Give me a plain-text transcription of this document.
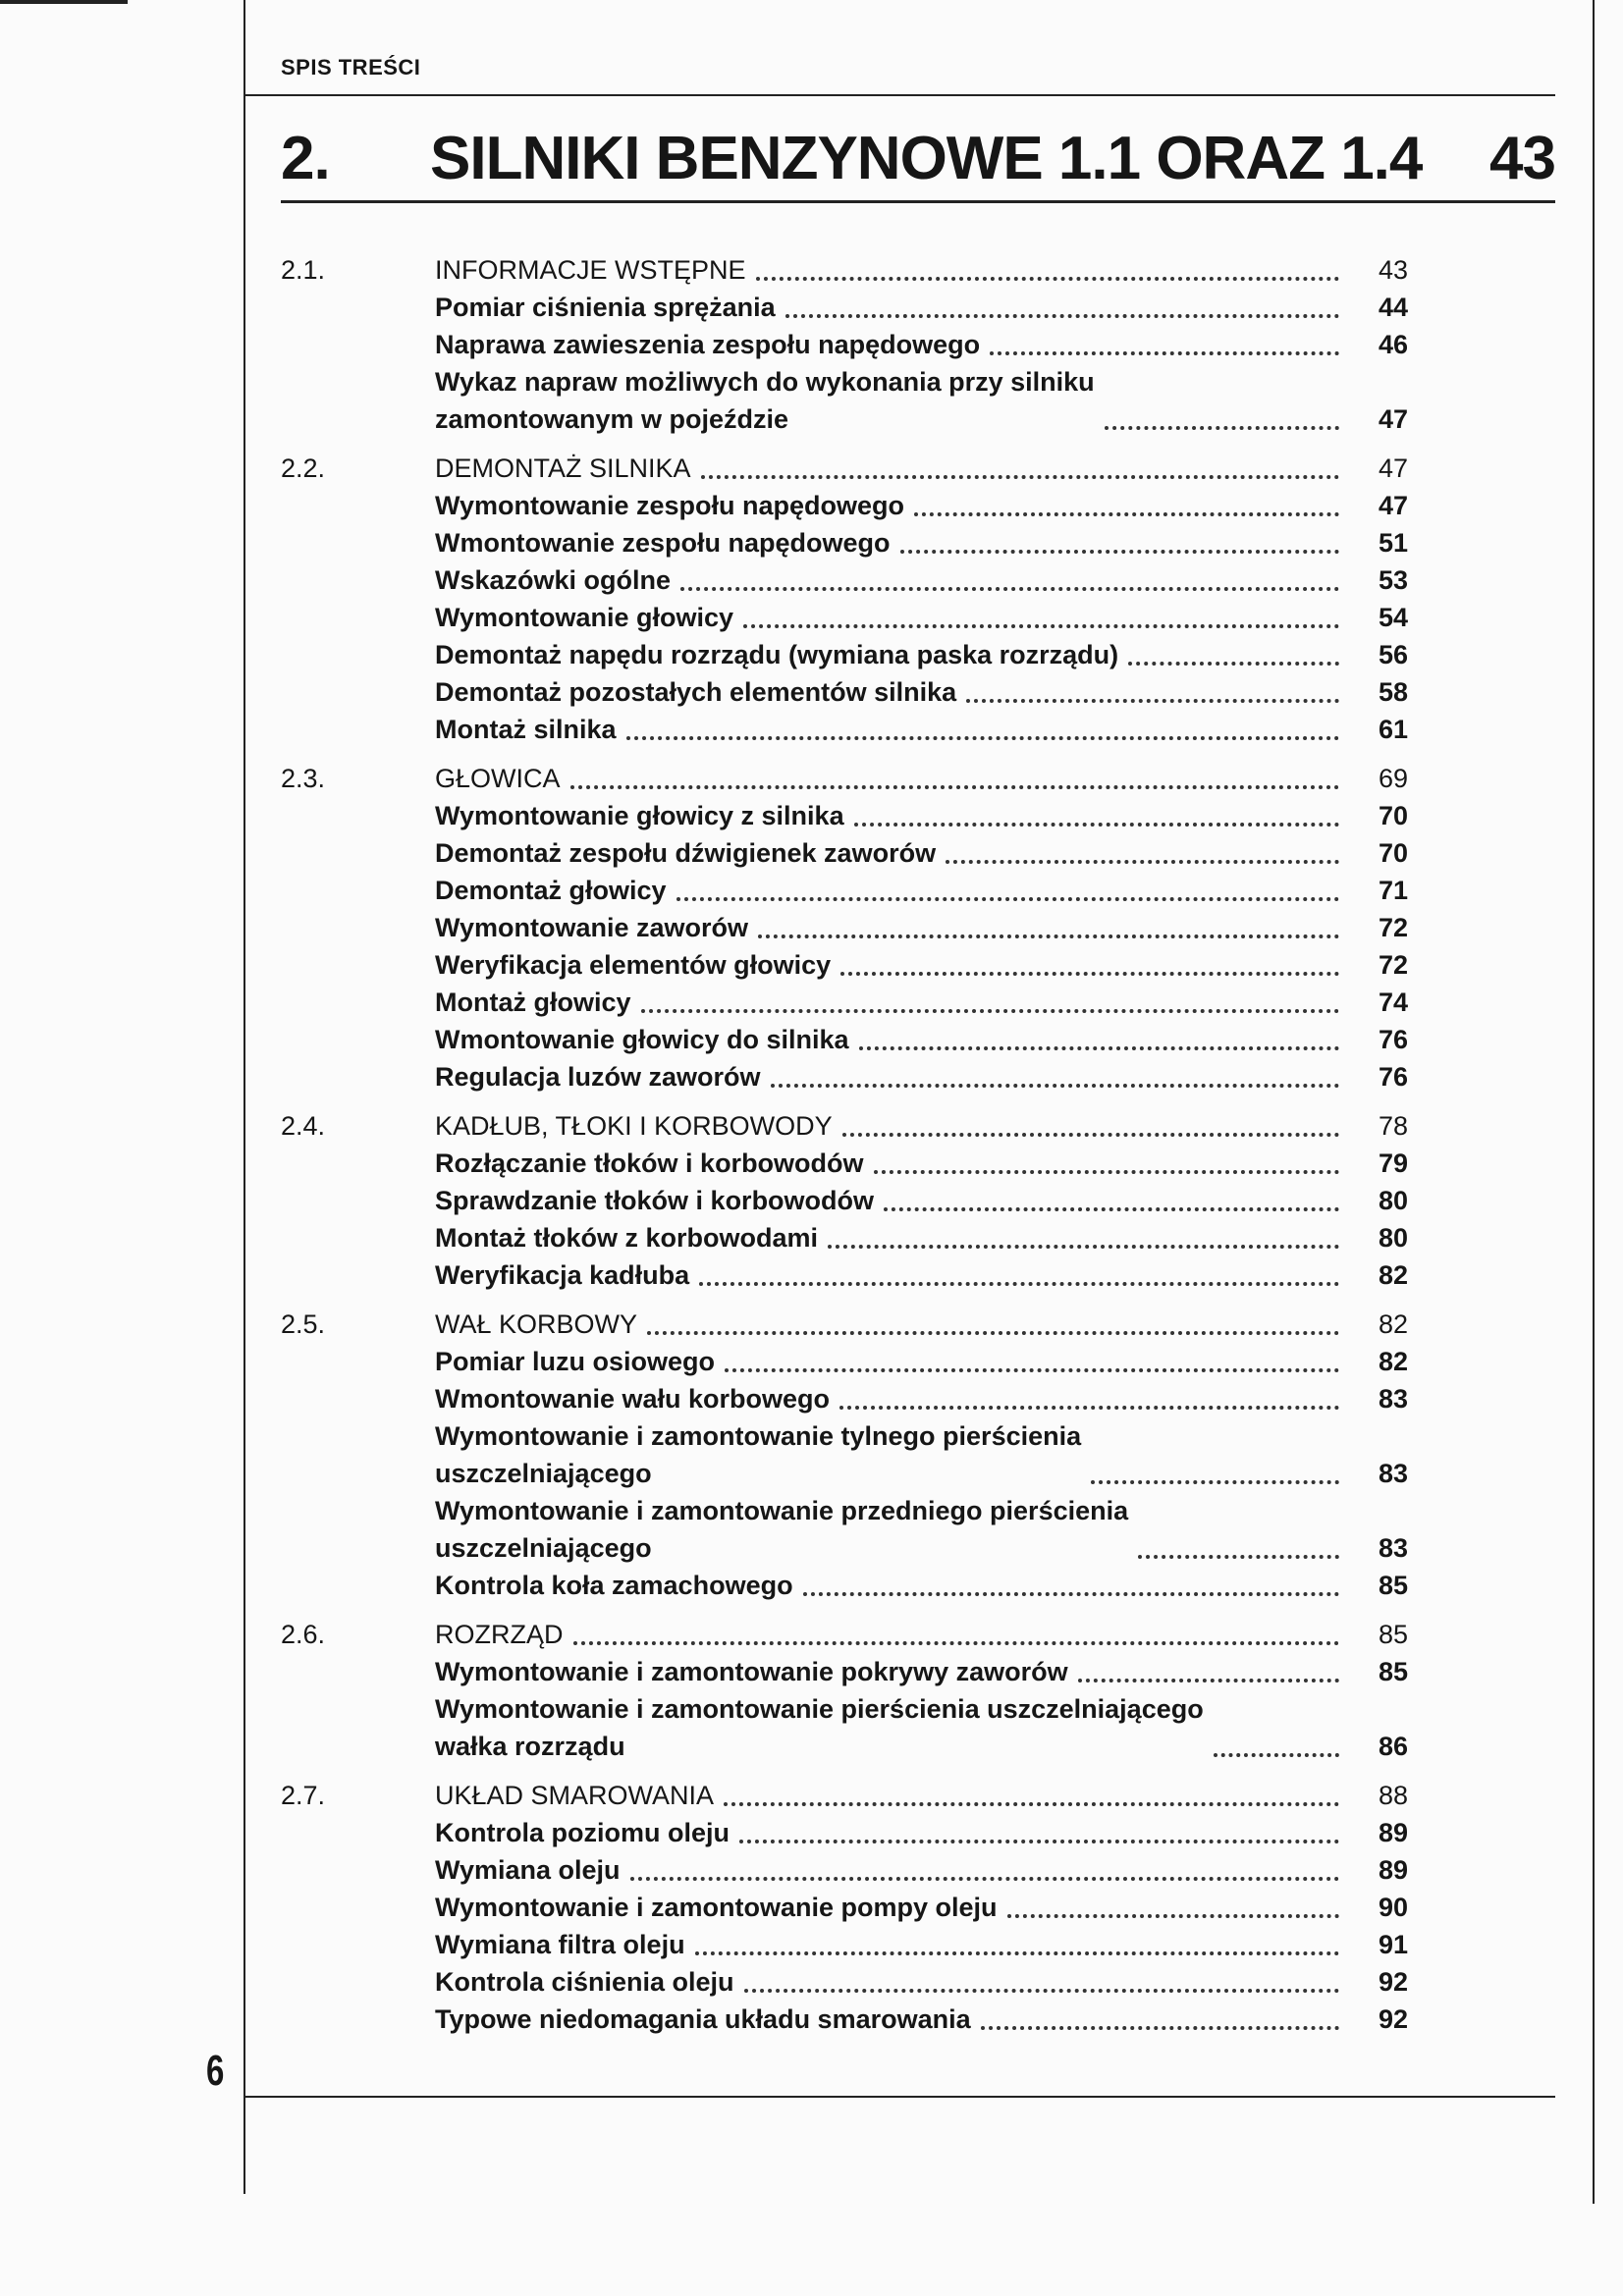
SPIS TREŚCI
2. SILNIKI BENZYNOWE 1.1 ORAZ 1.4 43
2.1.	INFORMACJE WSTĘPNE	43
Pomiar ciśnienia sprężania	44
Naprawa zawieszenia zespołu napędowego	46
Wykaz napraw możliwych do wykonania przy silniku
zamontowanym w pojeździe	47
2.2.	DEMONTAŻ SILNIKA	47
Wymontowanie zespołu napędowego	47
Wmontowanie zespołu napędowego	51
Wskazówki ogólne	53
Wymontowanie głowicy	54
Demontaż napędu rozrządu (wymiana paska rozrządu)	56
Demontaż pozostałych elementów silnika	58
Montaż silnika	61
2.3.	GŁOWICA	69
Wymontowanie głowicy z silnika	70
Demontaż zespołu dźwigienek zaworów	70
Demontaż głowicy	71
Wymontowanie zaworów	72
Weryfikacja elementów głowicy	72
Montaż głowicy	74
Wmontowanie głowicy do silnika	76
Regulacja luzów zaworów	76
2.4.	KADŁUB, TŁOKI I KORBOWODY	78
Rozłączanie tłoków i korbowodów	79
Sprawdzanie tłoków i korbowodów	80
Montaż tłoków z korbowodami	80
Weryfikacja kadłuba	82
2.5.	WAŁ KORBOWY	82
Pomiar luzu osiowego	82
Wmontowanie wału korbowego	83
Wymontowanie i zamontowanie tylnego pierścienia
uszczelniającego	83
Wymontowanie i zamontowanie przedniego pierścienia
uszczelniającego	83
Kontrola koła zamachowego	85
2.6.	ROZRZĄD	85
Wymontowanie i zamontowanie pokrywy zaworów	85
Wymontowanie i zamontowanie pierścienia uszczelniającego
wałka rozrządu	86
2.7.	UKŁAD SMAROWANIA	88
Kontrola poziomu oleju	89
Wymiana oleju	89
Wymontowanie i zamontowanie pompy oleju	90
Wymiana filtra oleju	91
Kontrola ciśnienia oleju	92
Typowe niedomagania układu smarowania	92
6
